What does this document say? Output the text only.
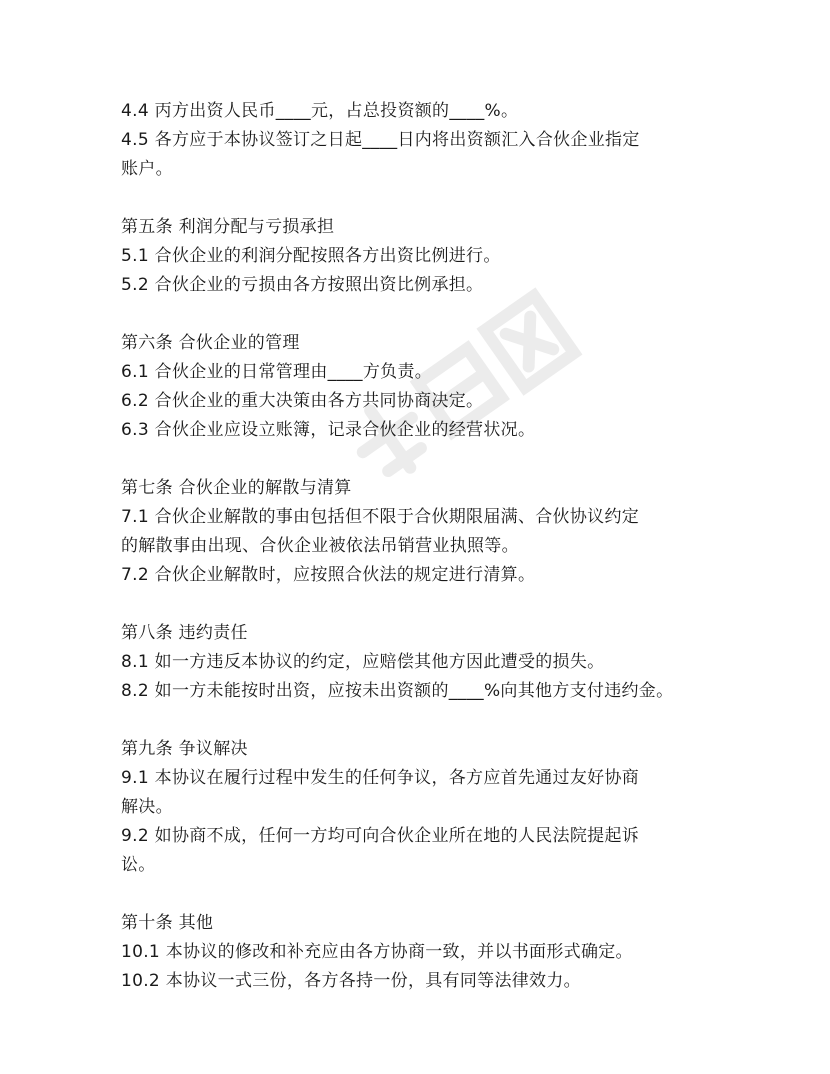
4.4 丙方出资人民币____元，占总投资额的____%。

4.5 各方应于本协议签订之日起____日内将出资额汇入合伙企业指定

账户。

第五条 利润分配与亏损承担

5.1 合伙企业的利润分配按照各方出资比例进行。

5.2 合伙企业的亏损由各方按照出资比例承担。

第六条 合伙企业的管理

6.1 合伙企业的日常管理由____方负责。

6.2 合伙企业的重大决策由各方共同协商决定。

6.3 合伙企业应设立账簿，记录合伙企业的经营状况。

第七条 合伙企业的解散与清算

7.1 合伙企业解散的事由包括但不限于合伙期限届满、合伙协议约定

的解散事由出现、合伙企业被依法吊销营业执照等。

7.2 合伙企业解散时，应按照合伙法的规定进行清算。

第八条 违约责任

8.1 如一方违反本协议的约定，应赔偿其他方因此遭受的损失。

8.2 如一方未能按时出资，应按未出资额的____%向其他方支付违约金。

第九条 争议解决

9.1 本协议在履行过程中发生的任何争议，各方应首先通过友好协商

解决。

9.2 如协商不成，任何一方均可向合伙企业所在地的人民法院提起诉

讼。

第十条 其他

10.1 本协议的修改和补充应由各方协商一致，并以书面形式确定。

10.2 本协议一式三份，各方各持一份，具有同等法律效力。
